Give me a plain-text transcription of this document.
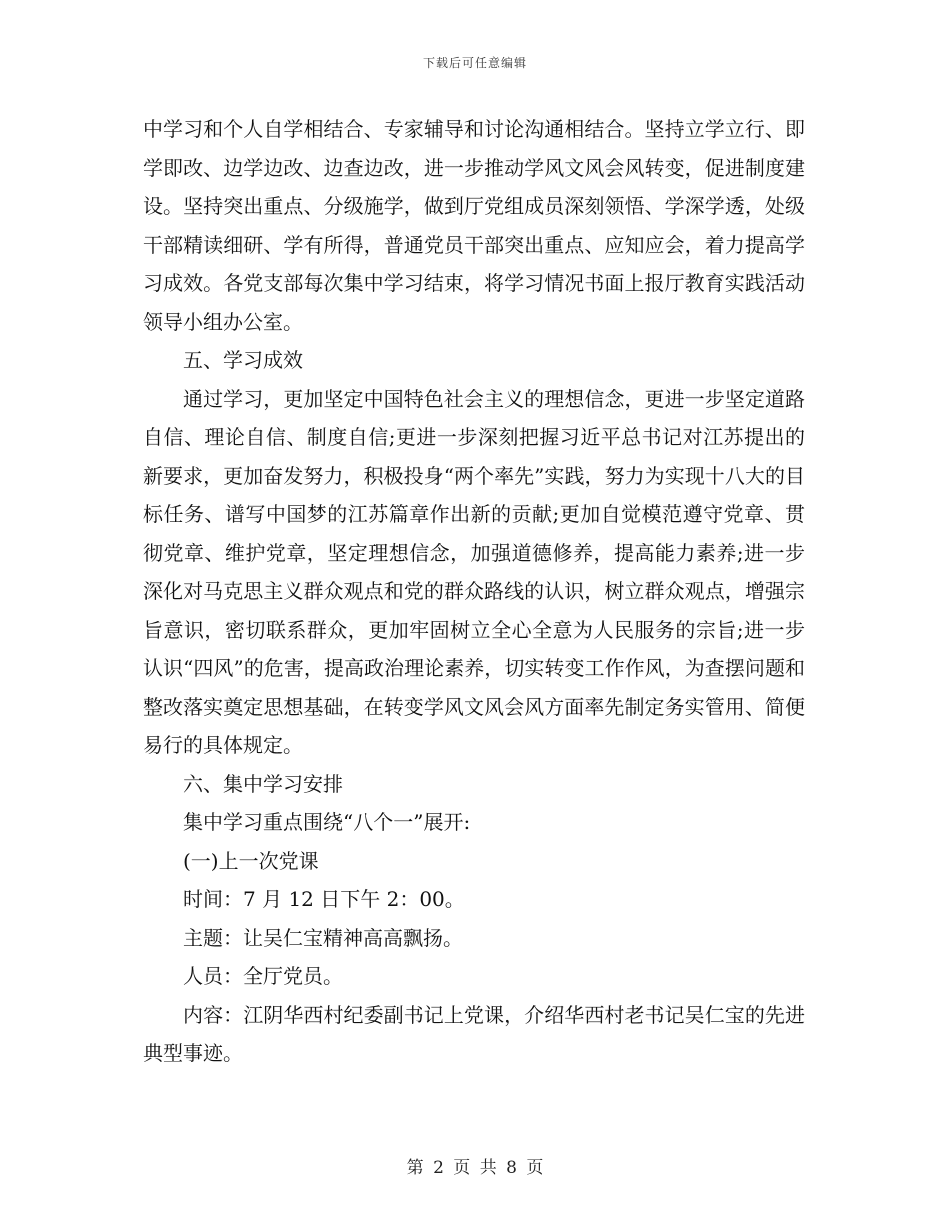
下载后可任意编辑

中学习和个人自学相结合、专家辅导和讨论沟通相结合。坚持立学立行、即学即改、边学边改、边查边改，进一步推动学风文风会风转变，促进制度建设。坚持突出重点、分级施学，做到厅党组成员深刻领悟、学深学透，处级干部精读细研、学有所得，普通党员干部突出重点、应知应会，着力提高学习成效。各党支部每次集中学习结束，将学习情况书面上报厅教育实践活动领导小组办公室。

五、学习成效

通过学习，更加坚定中国特色社会主义的理想信念，更进一步坚定道路自信、理论自信、制度自信;更进一步深刻把握习近平总书记对江苏提出的新要求，更加奋发努力，积极投身“两个率先”实践，努力为实现十八大的目标任务、谱写中国梦的江苏篇章作出新的贡献;更加自觉模范遵守党章、贯彻党章、维护党章，坚定理想信念，加强道德修养，提高能力素养;进一步深化对马克思主义群众观点和党的群众路线的认识，树立群众观点，增强宗旨意识，密切联系群众，更加牢固树立全心全意为人民服务的宗旨;进一步认识“四风”的危害，提高政治理论素养，切实转变工作作风，为查摆问题和整改落实奠定思想基础，在转变学风文风会风方面率先制定务实管用、简便易行的具体规定。

六、集中学习安排

集中学习重点围绕“八个一”展开:

(一)上一次党课

时间：7 月 12 日下午 2：00。

主题：让吴仁宝精神高高飘扬。

人员：全厅党员。

内容：江阴华西村纪委副书记上党课，介绍华西村老书记吴仁宝的先进典型事迹。

第 2 页 共 8 页
